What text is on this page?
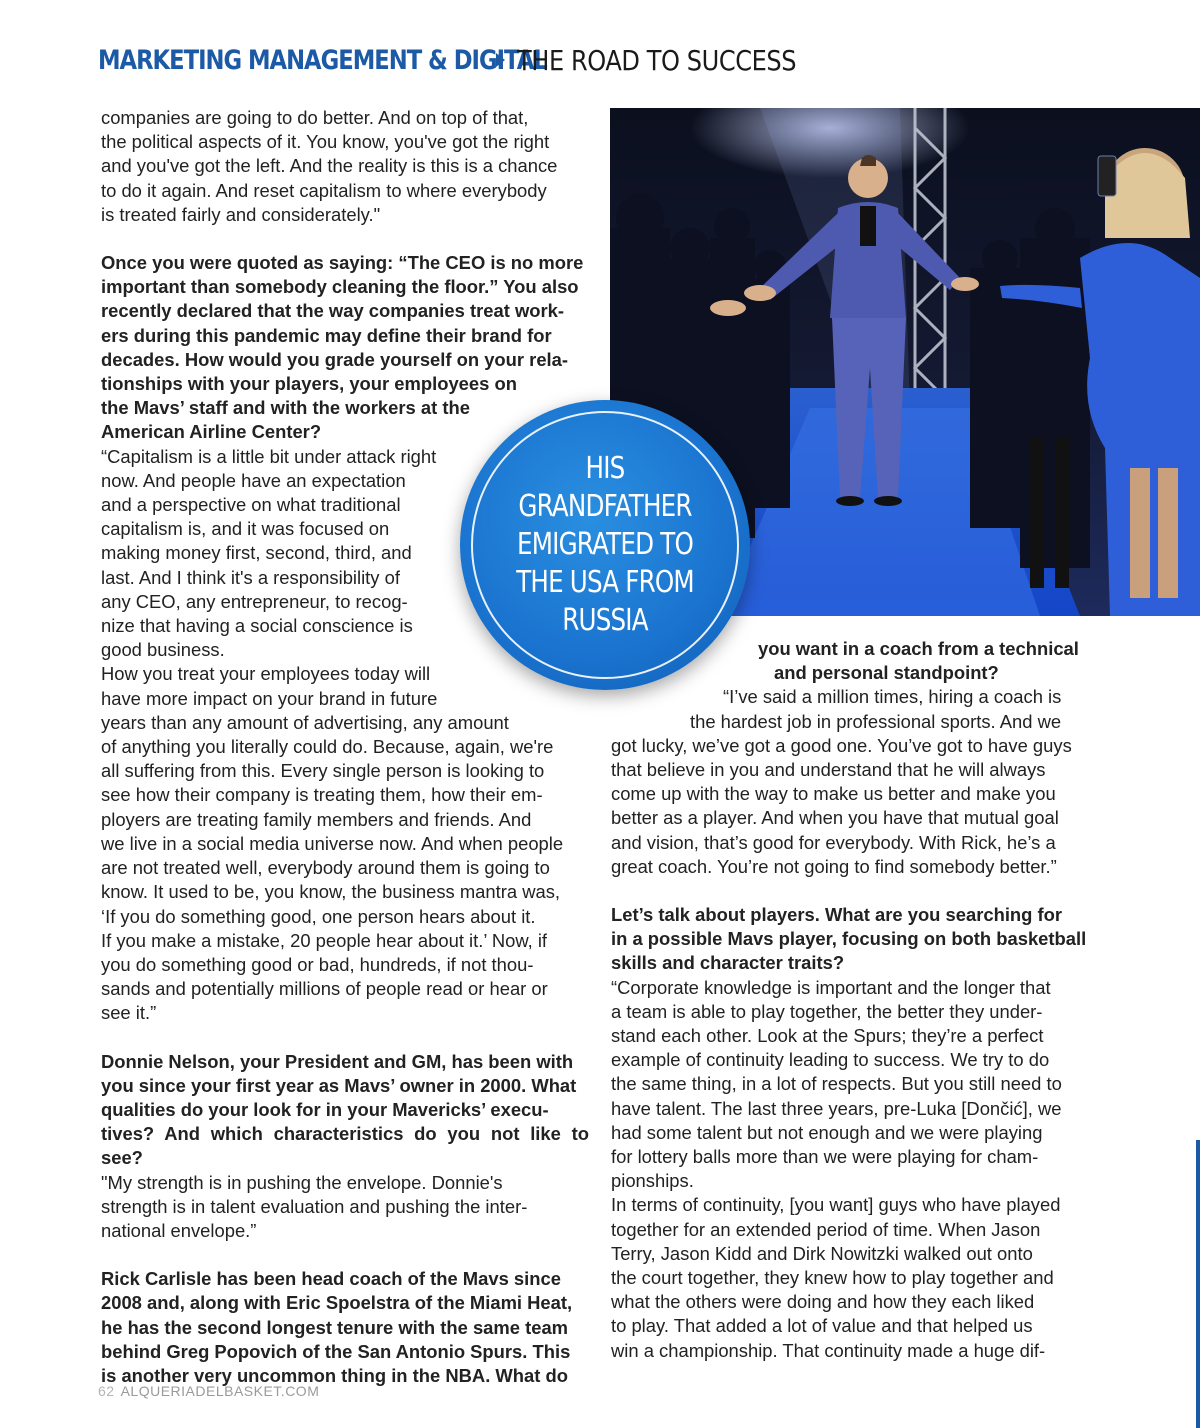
MARKETING MANAGEMENT & DIGITAL
THE ROAD TO SUCCESS
HIS GRANDFATHER EMIGRATED TO THE USA FROM RUSSIA

companies are going to do better. And on top of that,

the political aspects of it. You know, you've got the right

and you've got the left. And the reality is this is a chance

to do it again. And reset capitalism to where everybody

is treated fairly and considerately."

Once you were quoted as saying: “The CEO is no more

important than somebody cleaning the floor.” You also

recently declared that the way companies treat work-

ers during this pandemic may define their brand for

decades. How would you grade yourself on your rela-

tionships with your players, your employees on

the Mavs’ staff and with the workers at the

American Airline Center?

“Capitalism is a little bit under attack right

now. And people have an expectation

and a perspective on what traditional

capitalism is, and it was focused on

making money first, second, third, and

last. And I think it's a responsibility of

any CEO, any entrepreneur, to recog-

nize that having a social conscience is

good business.

How you treat your employees today will

have more impact on your brand in future

years than any amount of advertising, any amount

of anything you literally could do. Because, again, we're

all suffering from this. Every single person is looking to

see how their company is treating them, how their em-

ployers are treating family members and friends. And

we live in a social media universe now. And when people

are not treated well, everybody around them is going to

know. It used to be, you know, the business mantra was,

‘If you do something good, one person hears about it.

If you make a mistake, 20 people hear about it.’ Now, if

you do something good or bad, hundreds, if not thou-

sands and potentially millions of people read or hear or

see it.”

Donnie Nelson, your President and GM, has been with

you since your first year as Mavs’ owner in 2000. What

qualities do your look for in your Mavericks’ execu-

tives? And which characteristics do you not like to see?

"My strength is in pushing the envelope. Donnie's

strength is in talent evaluation and pushing the inter-

national envelope.”

Rick Carlisle has been head coach of the Mavs since

2008 and, along with Eric Spoelstra of the Miami Heat,

he has the second longest tenure with the same team

behind Greg Popovich of the San Antonio Spurs. This

is another very uncommon thing in the NBA. What do

you want in a coach from a technical

and personal standpoint?

“I’ve said a million times, hiring a coach is

the hardest job in professional sports. And we

got lucky, we’ve got a good one. You’ve got to have guys

that believe in you and understand that he will always

come up with the way to make us better and make you

better as a player. And when you have that mutual goal

and vision, that’s good for everybody. With Rick, he’s a

great coach. You’re not going to find somebody better.”

Let’s talk about players. What are you searching for

in a possible Mavs player, focusing on both basketball

skills and character traits?

“Corporate knowledge is important and the longer that

a team is able to play together, the better they under-

stand each other. Look at the Spurs; they’re a perfect

example of continuity leading to success. We try to do

the same thing, in a lot of respects. But you still need to

have talent. The last three years, pre-Luka [Dončić], we

had some talent but not enough and we were playing

for lottery balls more than we were playing for cham-

pionships.

In terms of continuity, [you want] guys who have played

together for an extended period of time. When Jason

Terry, Jason Kidd and Dirk Nowitzki walked out onto

the court together, they knew how to play together and

what the others were doing and how they each liked

to play. That added a lot of value and that helped us

win a championship. That continuity made a huge dif-

62 ALQUERIADELBASKET.COM
